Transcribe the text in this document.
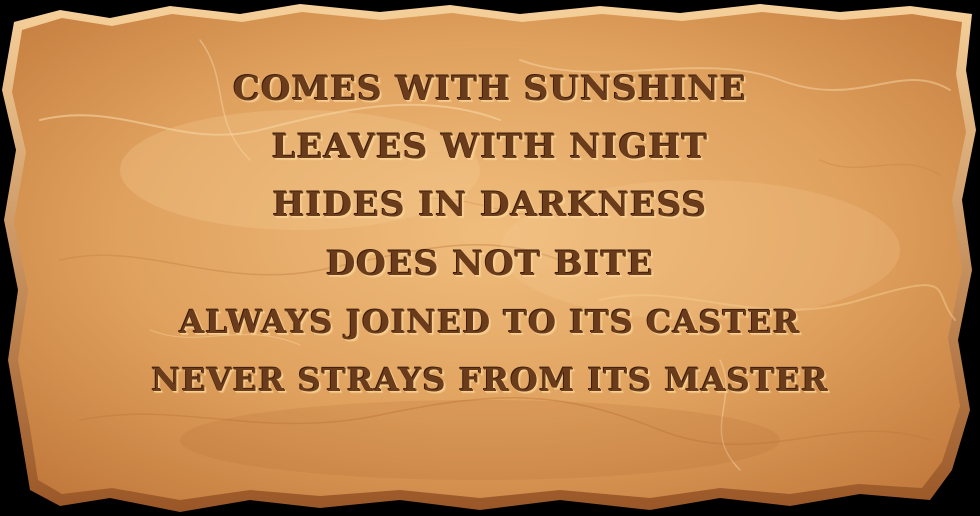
COMES WITH SUNSHINE
LEAVES WITH NIGHT
HIDES IN DARKNESS
DOES NOT BITE
ALWAYS JOINED TO ITS CASTER
NEVER STRAYS FROM ITS MASTER
